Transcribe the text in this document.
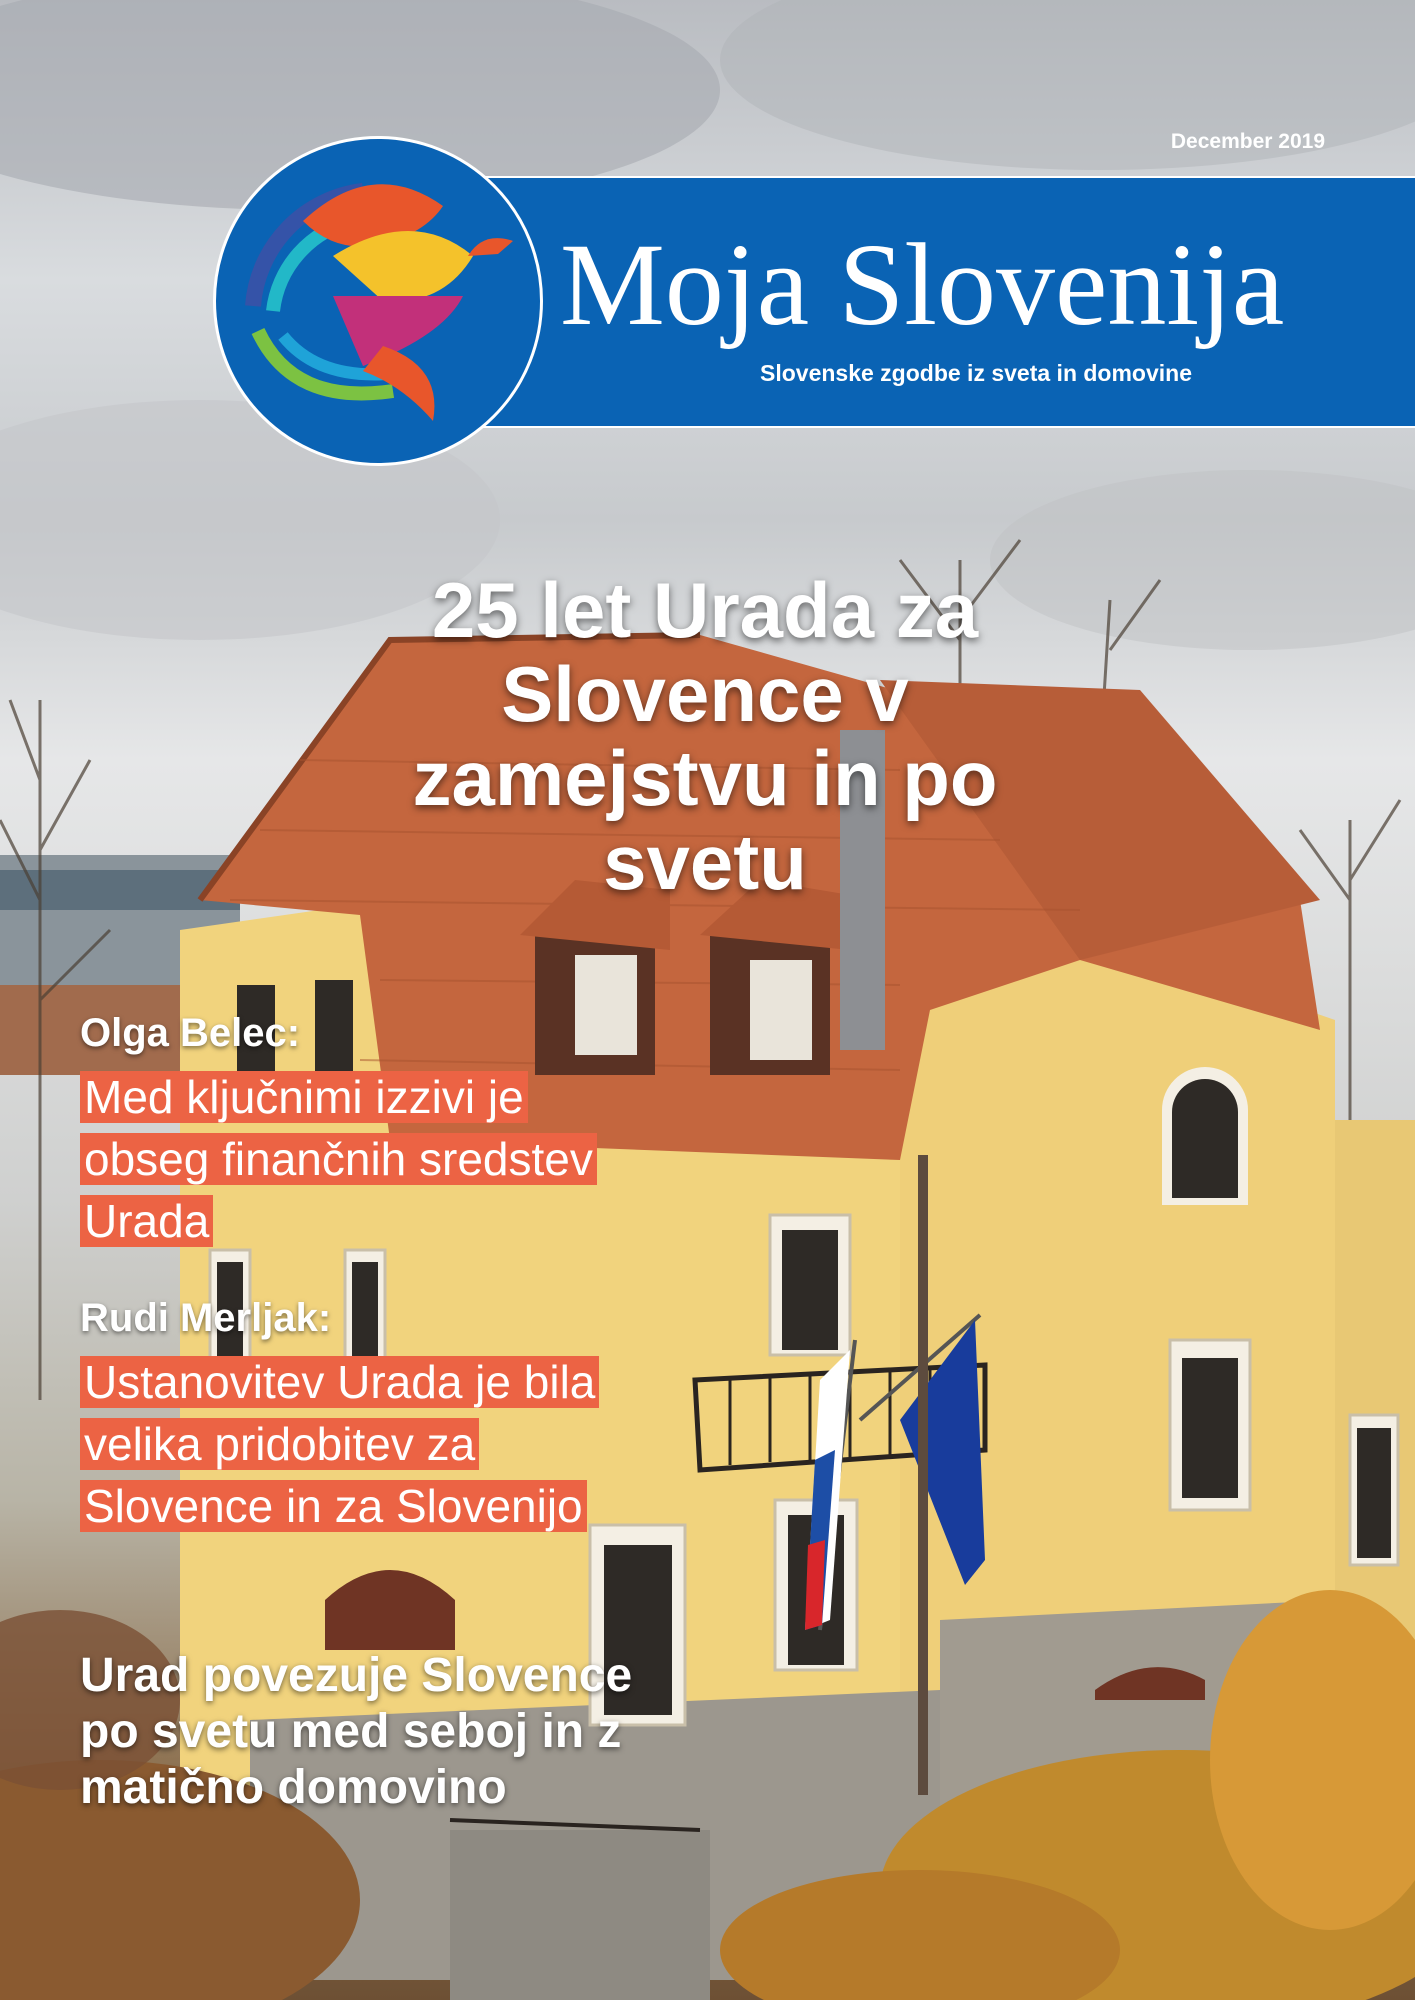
December 2019
Moja Slovenija
Slovenske zgodbe iz sveta in domovine
25 let Urada za Slovence v zamejstvu in po svetu
Olga Belec:
Med ključnimi izzivi je obseg finančnih sredstev Urada
Rudi Merljak:
Ustanovitev Urada je bila velika pridobitev za Slovence in za Slovenijo
Urad povezuje Slovence po svetu med seboj in z matično domovino
